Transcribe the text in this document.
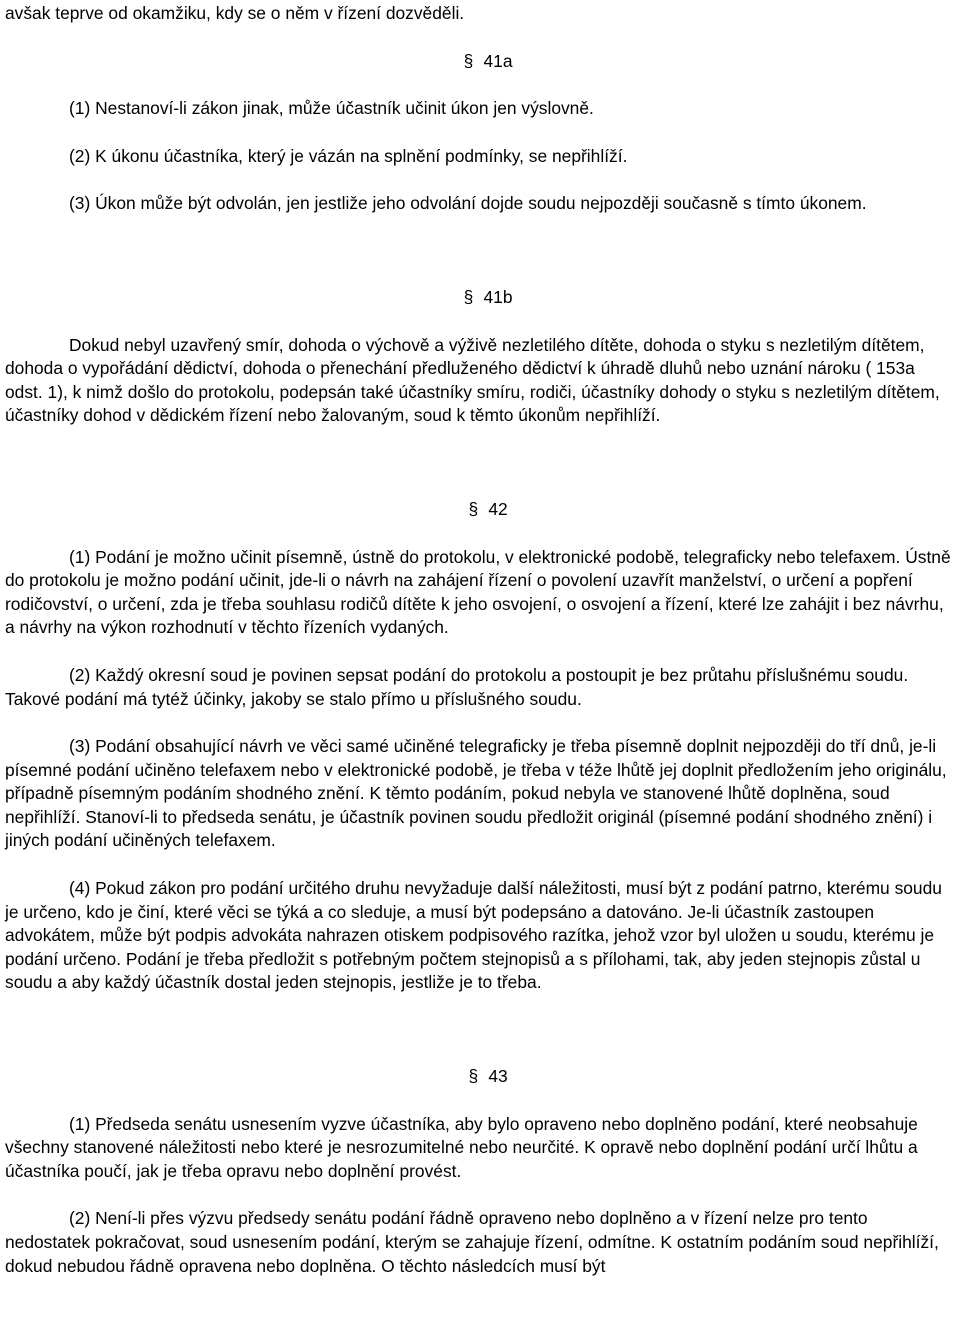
avšak teprve od okamžiku, kdy se o něm v řízení dozvěděli.

§ 41a

(1) Nestanoví-li zákon jinak, může účastník učinit úkon jen výslovně.

(2) K úkonu účastníka, který je vázán na splnění podmínky, se nepřihlíží.

(3) Úkon může být odvolán, jen jestliže jeho odvolání dojde soudu nejpozději současně s tímto úkonem.

§ 41b

Dokud nebyl uzavřený smír, dohoda o výchově a výživě nezletilého dítěte, dohoda o styku s nezletilým dítětem, dohoda o vypořádání dědictví, dohoda o přenechání předluženého dědictví k úhradě dluhů nebo uznání nároku ( 153a odst. 1), k nimž došlo do protokolu, podepsán také účastníky smíru, rodiči, účastníky dohody o styku s nezletilým dítětem, účastníky dohod v dědickém řízení nebo žalovaným, soud k těmto úkonům nepřihlíží.

§ 42

(1) Podání je možno učinit písemně, ústně do protokolu, v elektronické podobě, telegraficky nebo telefaxem. Ústně do protokolu je možno podání učinit, jde-li o návrh na zahájení řízení o povolení uzavřít manželství, o určení a popření rodičovství, o určení, zda je třeba souhlasu rodičů dítěte k jeho osvojení, o osvojení a řízení, které lze zahájit i bez návrhu, a návrhy na výkon rozhodnutí v těchto řízeních vydaných.

(2) Každý okresní soud je povinen sepsat podání do protokolu a postoupit je bez průtahu příslušnému soudu. Takové podání má tytéž účinky, jakoby se stalo přímo u příslušného soudu.

(3) Podání obsahující návrh ve věci samé učiněné telegraficky je třeba písemně doplnit nejpozději do tří dnů, je-li písemné podání učiněno telefaxem nebo v elektronické podobě, je třeba v téže lhůtě jej doplnit předložením jeho originálu, případně písemným podáním shodného znění. K těmto podáním, pokud nebyla ve stanovené lhůtě doplněna, soud nepřihlíží. Stanoví-li to předseda senátu, je účastník povinen soudu předložit originál (písemné podání shodného znění) i jiných podání učiněných telefaxem.

(4) Pokud zákon pro podání určitého druhu nevyžaduje další náležitosti, musí být z podání patrno, kterému soudu je určeno, kdo je činí, které věci se týká a co sleduje, a musí být podepsáno a datováno. Je-li účastník zastoupen advokátem, může být podpis advokáta nahrazen otiskem podpisového razítka, jehož vzor byl uložen u soudu, kterému je podání určeno. Podání je třeba předložit s potřebným počtem stejnopisů a s přílohami, tak, aby jeden stejnopis zůstal u soudu a aby každý účastník dostal jeden stejnopis, jestliže je to třeba.

§ 43

(1) Předseda senátu usnesením vyzve účastníka, aby bylo opraveno nebo doplněno podání, které neobsahuje všechny stanovené náležitosti nebo které je nesrozumitelné nebo neurčité. K opravě nebo doplnění podání určí lhůtu a účastníka poučí, jak je třeba opravu nebo doplnění provést.

(2) Není-li přes výzvu předsedy senátu podání řádně opraveno nebo doplněno a v řízení nelze pro tento nedostatek pokračovat, soud usnesením podání, kterým se zahajuje řízení, odmítne. K ostatním podáním soud nepřihlíží, dokud nebudou řádně opravena nebo doplněna. O těchto následcích musí být
